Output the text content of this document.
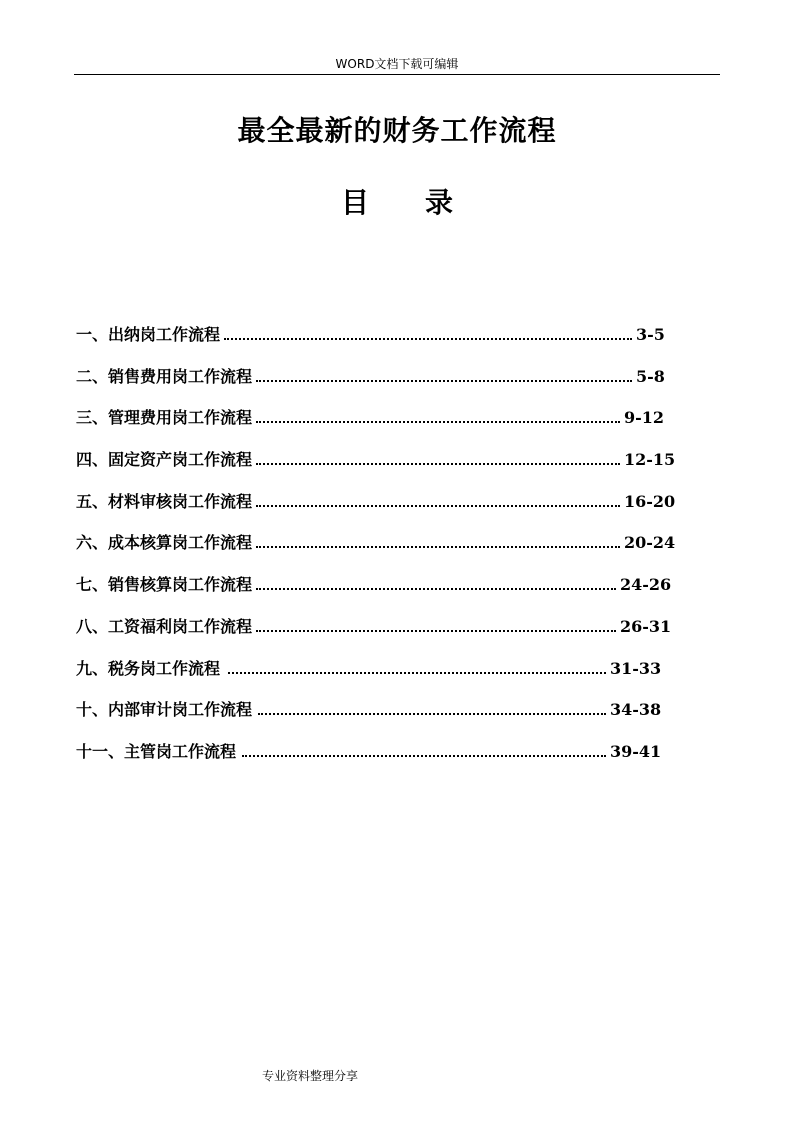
WORD文档下载可编辑
最全最新的财务工作流程
目 录
一、出纳岗工作流程	3-5
二、销售费用岗工作流程	5-8
三、管理费用岗工作流程	9-12
四、固定资产岗工作流程	12-15
五、材料审核岗工作流程	16-20
六、成本核算岗工作流程	20-24
七、销售核算岗工作流程	24-26
八、工资福利岗工作流程	26-31
九、税务岗工作流程	31-33
十、内部审计岗工作流程	34-38
十一、主管岗工作流程	39-41
专业资料整理分享
